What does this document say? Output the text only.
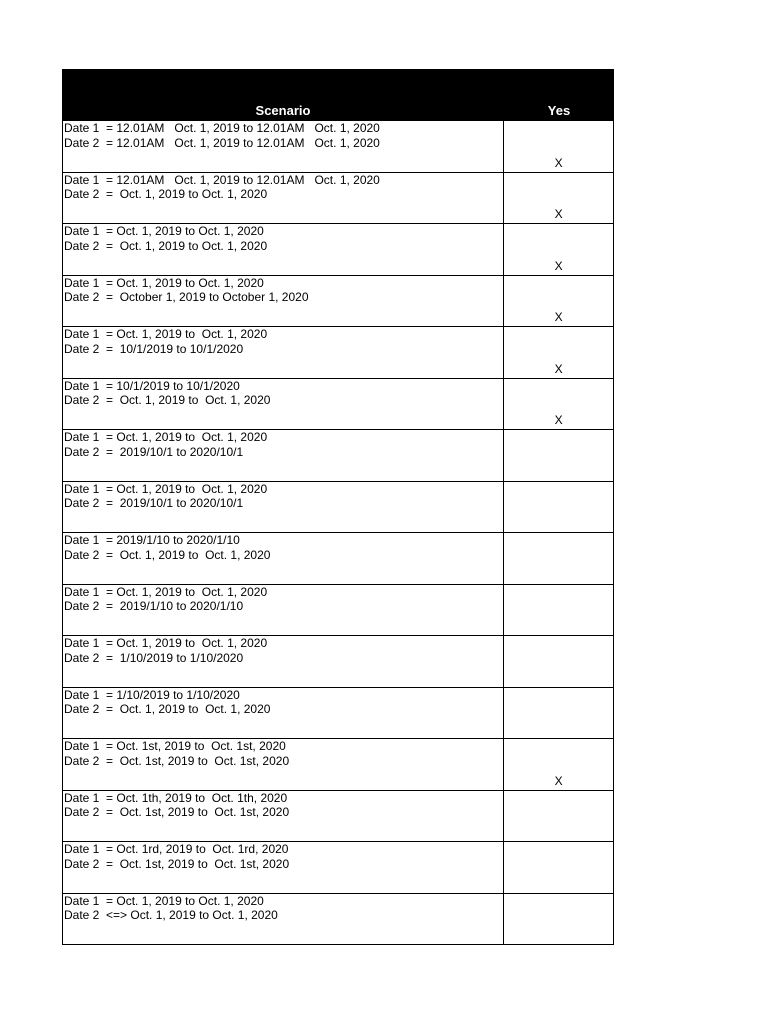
Scenario	Yes
Date 1  = 12.01AM   Oct. 1, 2019 to 12.01AM   Oct. 1, 2020
Date 2  = 12.01AM   Oct. 1, 2019 to 12.01AM   Oct. 1, 2020
X
Date 1  = 12.01AM   Oct. 1, 2019 to 12.01AM   Oct. 1, 2020
Date 2  =  Oct. 1, 2019 to Oct. 1, 2020
X
Date 1  = Oct. 1, 2019 to Oct. 1, 2020
Date 2  =  Oct. 1, 2019 to Oct. 1, 2020
X
Date 1  = Oct. 1, 2019 to Oct. 1, 2020
Date 2  =  October 1, 2019 to October 1, 2020
X
Date 1  = Oct. 1, 2019 to  Oct. 1, 2020
Date 2  =  10/1/2019 to 10/1/2020
X
Date 1  = 10/1/2019 to 10/1/2020
Date 2  =  Oct. 1, 2019 to  Oct. 1, 2020
X
Date 1  = Oct. 1, 2019 to  Oct. 1, 2020
Date 2  =  2019/10/1 to 2020/10/1
Date 1  = Oct. 1, 2019 to  Oct. 1, 2020
Date 2  =  2019/10/1 to 2020/10/1
Date 1  = 2019/1/10 to 2020/1/10
Date 2  =  Oct. 1, 2019 to  Oct. 1, 2020
Date 1  = Oct. 1, 2019 to  Oct. 1, 2020
Date 2  =  2019/1/10 to 2020/1/10
Date 1  = Oct. 1, 2019 to  Oct. 1, 2020
Date 2  =  1/10/2019 to 1/10/2020
Date 1  = 1/10/2019 to 1/10/2020
Date 2  =  Oct. 1, 2019 to  Oct. 1, 2020
Date 1  = Oct. 1st, 2019 to  Oct. 1st, 2020
Date 2  =  Oct. 1st, 2019 to  Oct. 1st, 2020
X
Date 1  = Oct. 1th, 2019 to  Oct. 1th, 2020
Date 2  =  Oct. 1st, 2019 to  Oct. 1st, 2020
Date 1  = Oct. 1rd, 2019 to  Oct. 1rd, 2020
Date 2  =  Oct. 1st, 2019 to  Oct. 1st, 2020
Date 1  = Oct. 1, 2019 to Oct. 1, 2020
Date 2  <=> Oct. 1, 2019 to Oct. 1, 2020
